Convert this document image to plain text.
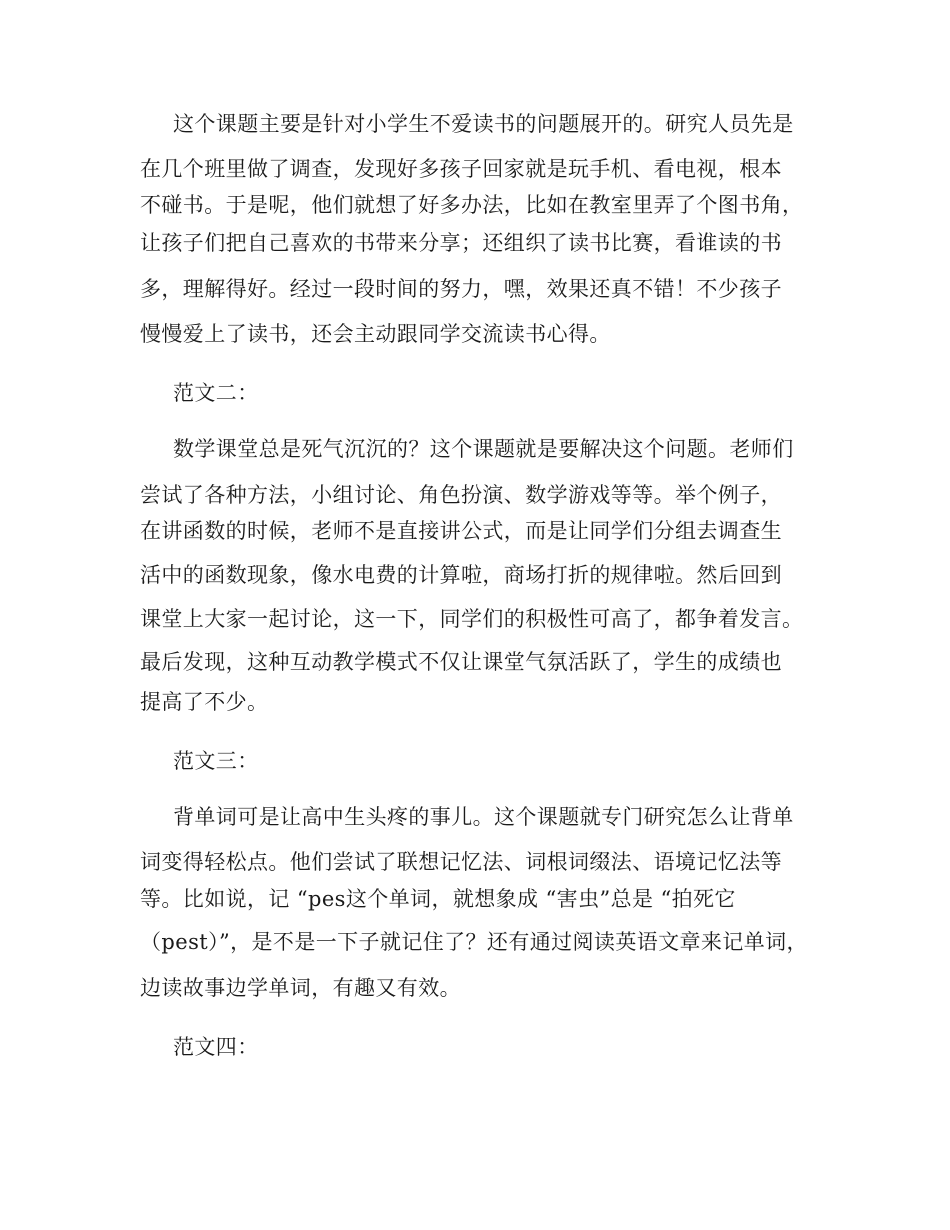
这个课题主要是针对小学生不爱读书的问题展开的。研究人员先是
在几个班里做了调查，发现好多孩子回家就是玩手机、看电视，根本
不碰书。于是呢，他们就想了好多办法，比如在教室里弄了个图书角，
让孩子们把自己喜欢的书带来分享；还组织了读书比赛，看谁读的书
多，理解得好。经过一段时间的努力，嘿，效果还真不错！不少孩子
慢慢爱上了读书，还会主动跟同学交流读书心得。
范文二：
数学课堂总是死气沉沉的？这个课题就是要解决这个问题。老师们
尝试了各种方法，小组讨论、角色扮演、数学游戏等等。举个例子，
在讲函数的时候，老师不是直接讲公式，而是让同学们分组去调查生
活中的函数现象，像水电费的计算啦，商场打折的规律啦。然后回到
课堂上大家一起讨论，这一下，同学们的积极性可高了，都争着发言。
最后发现，这种互动教学模式不仅让课堂气氛活跃了，学生的成绩也
提高了不少。
范文三：
背单词可是让高中生头疼的事儿。这个课题就专门研究怎么让背单
词变得轻松点。他们尝试了联想记忆法、词根词缀法、语境记忆法等
等。比如说，记 “pes这个单词，就想象成 “害虫”总是 “拍死它
（pest）”，是不是一下子就记住了？还有通过阅读英语文章来记单词，
边读故事边学单词，有趣又有效。
范文四：
